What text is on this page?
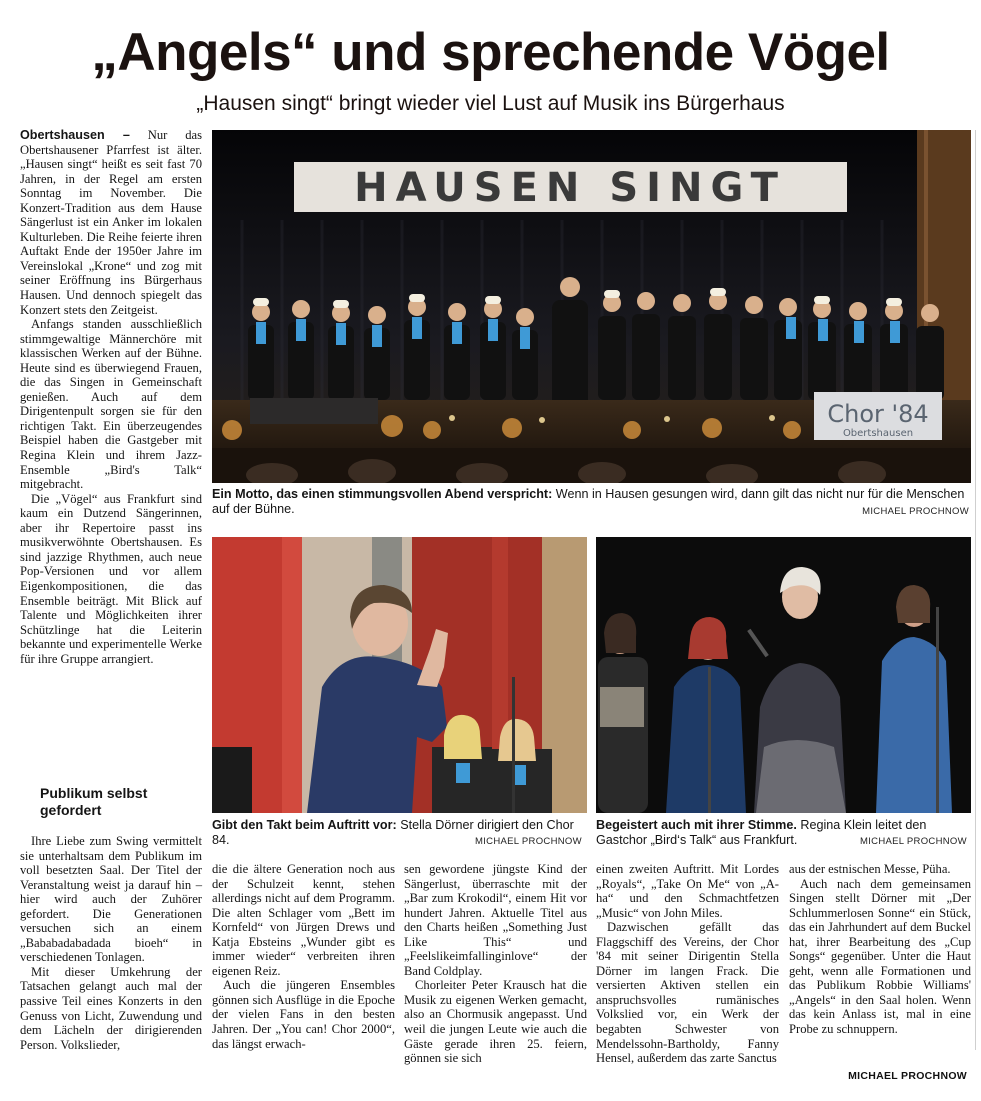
„Angels“ und sprechende Vögel
„Hausen singt“ bringt wieder viel Lust auf Musik ins Bürgerhaus

Obertshausen – Nur das Obertshausener Pfarrfest ist älter. „Hausen singt“ heißt es seit fast 70 Jahren, in der Regel am ersten Sonntag im November. Die Konzert-Tradition aus dem Hause Sängerlust ist ein Anker im lokalen Kulturleben. Die Reihe feierte ihren Auftakt Ende der 1950er Jahre im Vereinslokal „Krone“ und zog mit seiner Eröffnung ins Bürgerhaus Hausen. Und dennoch spiegelt das Konzert stets den Zeitgeist.

Anfangs standen ausschließlich stimmgewaltige Männerchöre mit klassischen Werken auf der Bühne. Heute sind es überwiegend Frauen, die das Singen in Gemeinschaft genießen. Auch auf dem Dirigentenpult sorgen sie für den richtigen Takt. Ein überzeugendes Beispiel haben die Gastgeber mit Regina Klein und ihrem Jazz-Ensemble „Bird's Talk“ mitgebracht.

Die „Vögel“ aus Frankfurt sind kaum ein Dutzend Sängerinnen, aber ihr Repertoire passt ins musikverwöhnte Obertshausen. Es sind jazzige Rhythmen, auch neue Pop-Versionen und vor allem Eigenkompositionen, die das Ensemble beiträgt. Mit Blick auf Talente und Möglichkeiten ihrer Schützlinge hat die Leiterin bekannte und experimentelle Werke für ihre Gruppe arrangiert.

Publikum selbst gefordert

Ihre Liebe zum Swing vermittelt sie unterhaltsam dem Publikum im voll besetzten Saal. Der Titel der Veranstaltung weist ja darauf hin – hier wird auch der Zuhörer gefordert. Die Generationen versuchen sich an einem „Bababadabadada bioeh“ in verschiedenen Tonlagen.

Mit dieser Umkehrung der Tatsachen gelangt auch mal der passive Teil eines Konzerts in den Genuss von Licht, Zuwendung und dem Lächeln der dirigierenden Person. Volkslieder,

HAUSEN SINGT
Chor '84
Obertshausen
Ein Motto, das einen stimmungsvollen Abend verspricht: Wenn in Hausen gesungen wird, dann gilt das nicht nur für die Menschen auf der Bühne.	MICHAEL PROCHNOW
Gibt den Takt beim Auftritt vor: Stella Dörner dirigiert den Chor 84.	MICHAEL PROCHNOW
Begeistert auch mit ihrer Stimme. Regina Klein leitet den Gastchor „Bird‘s Talk“ aus Frankfurt.	MICHAEL PROCHNOW

die die ältere Generation noch aus der Schulzeit kennt, stehen allerdings nicht auf dem Programm. Die alten Schlager vom „Bett im Kornfeld“ von Jürgen Drews und Katja Ebsteins „Wunder gibt es immer wieder“ verbreiten ihren eigenen Reiz.

Auch die jüngeren Ensembles gönnen sich Ausflüge in die Epoche der vielen Fans in den besten Jahren. Der „You can! Chor 2000“, das längst erwach-

sen gewordene jüngste Kind der Sängerlust, überraschte mit der „Bar zum Krokodil“, einem Hit vor hundert Jahren. Aktuelle Titel aus den Charts heißen „Something Just Like This“ und „Feelslikeimfallinginlove“ der Band Coldplay.

Chorleiter Peter Krausch hat die Musik zu eigenen Werken gemacht, also an Chormusik angepasst. Und weil die jungen Leute wie auch die Gäste gerade ihren 25. feiern, gönnen sie sich

einen zweiten Auftritt. Mit Lordes „Royals“, „Take On Me“ von „A-ha“ und den Schmachtfetzen „Music“ von John Miles.

Dazwischen gefällt das Flaggschiff des Vereins, der Chor '84 mit seiner Dirigentin Stella Dörner im langen Frack. Die versierten Aktiven stellen ein anspruchsvolles rumänisches Volkslied vor, ein Werk der begabten Schwester von Mendelssohn-Bartholdy, Fanny Hensel, außerdem das zarte Sanctus

aus der estnischen Messe, Püha.

Auch nach dem gemeinsamen Singen stellt Dörner mit „Der Schlummerlosen Sonne“ ein Stück, das ein Jahrhundert auf dem Buckel hat, ihrer Bearbeitung des „Cup Songs“ gegenüber. Unter die Haut geht, wenn alle Formationen und das Publikum Robbie Williams' „Angels“ in den Saal holen. Wenn das kein Anlass ist, mal in eine Probe zu schnuppern.

MICHAEL PROCHNOW
